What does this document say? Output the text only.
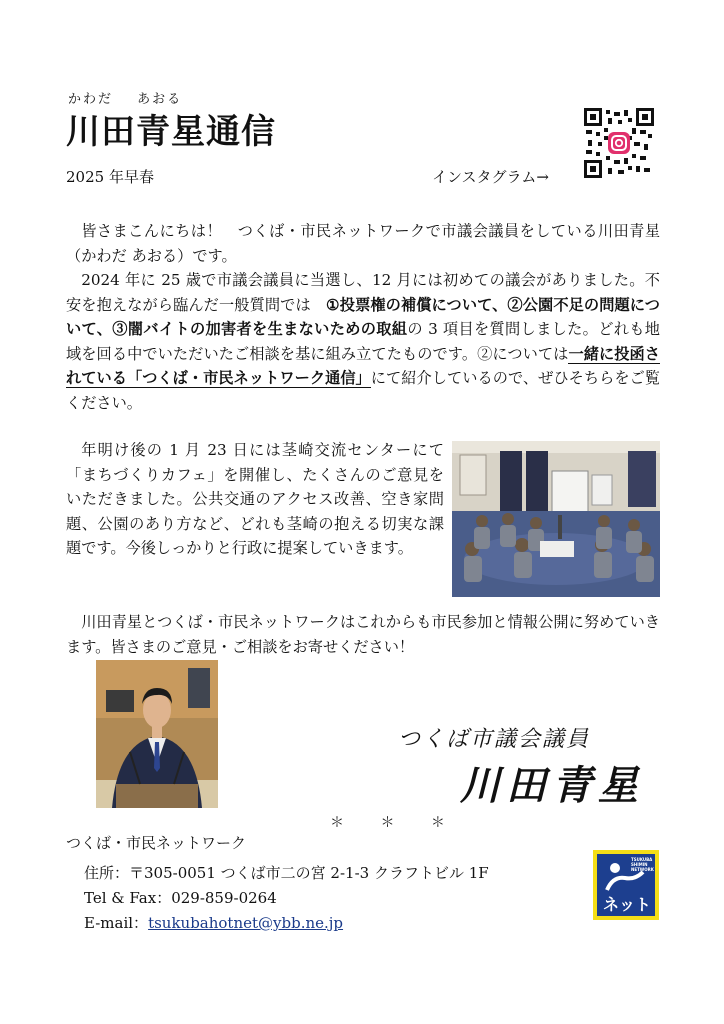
かわだ あおる
川田青星通信
2025 年早春	インスタグラム→

皆さまこんにちは！　つくば・市民ネットワークで市議会議員をしている川田青星（かわだ あおる）です。

2024 年に 25 歳で市議会議員に当選し、12 月には初めての議会がありました。不安を抱えながら臨んだ一般質問では　①投票権の補償について、②公園不足の問題について、③闇バイトの加害者を生まないための取組の 3 項目を質問しました。どれも地域を回る中でいただいたご相談を基に組み立てたものです。②については一緒に投函されている「つくば・市民ネットワーク通信」にて紹介しているので、ぜひそちらをご覧ください。

年明け後の 1 月 23 日には茎崎交流センターにて「まちづくりカフェ」を開催し、たくさんのご意見をいただきました。公共交通のアクセス改善、空き家問題、公園のあり方など、どれも茎崎の抱える切実な課題です。今後しっかりと行政に提案していきます。

川田青星とつくば・市民ネットワークはこれからも市民参加と情報公開に努めていきます。皆さまのご意見・ご相談をお寄せください！

つくば市議会議員
川田青星
＊ ＊ ＊
つくば・市民ネットワーク
住所：〒305-0051 つくば市二の宮 2-1-3 クラフトビル 1F
Tel & Fax：029-859-0264
E-mail：tsukubahotnet@ybb.ne.jp
TSUKUBA SHIMIN NETWORK
ネット
